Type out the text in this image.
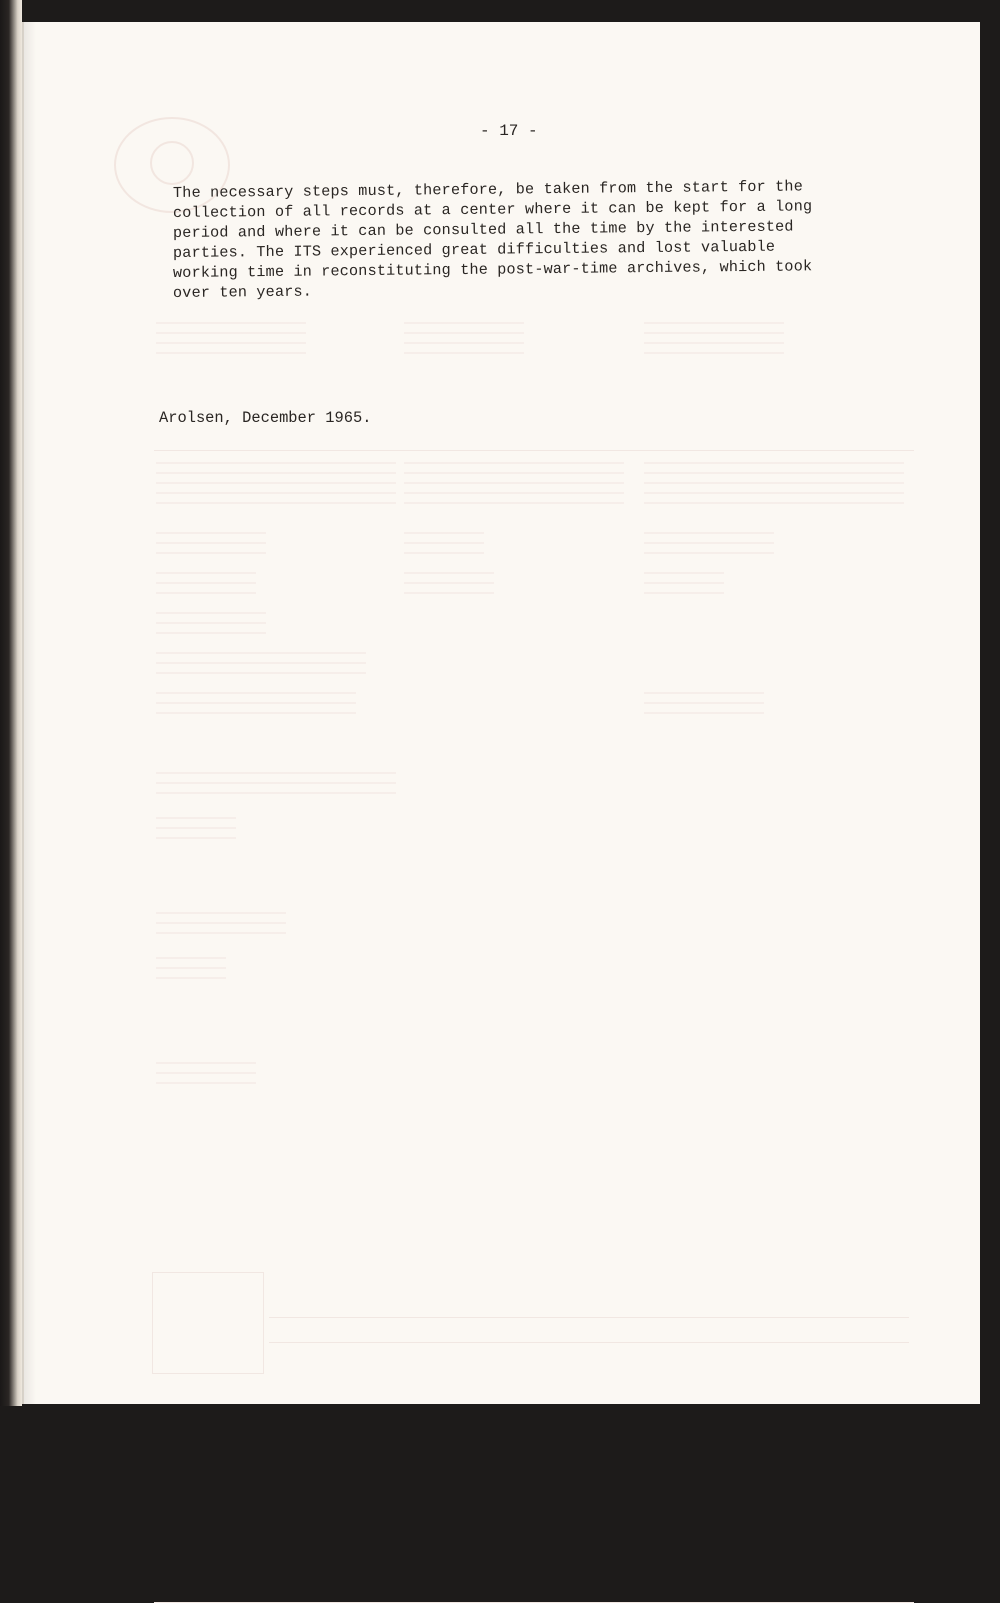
- 17 -
The necessary steps must, therefore, be taken from the start for the
collection of all records at a center where it can be kept for a long
period and where it can be consulted all the time by the interested
parties. The ITS experienced great difficulties and lost valuable
working time in reconstituting the post-war-time archives, which took
over ten years.
Arolsen, December 1965.
